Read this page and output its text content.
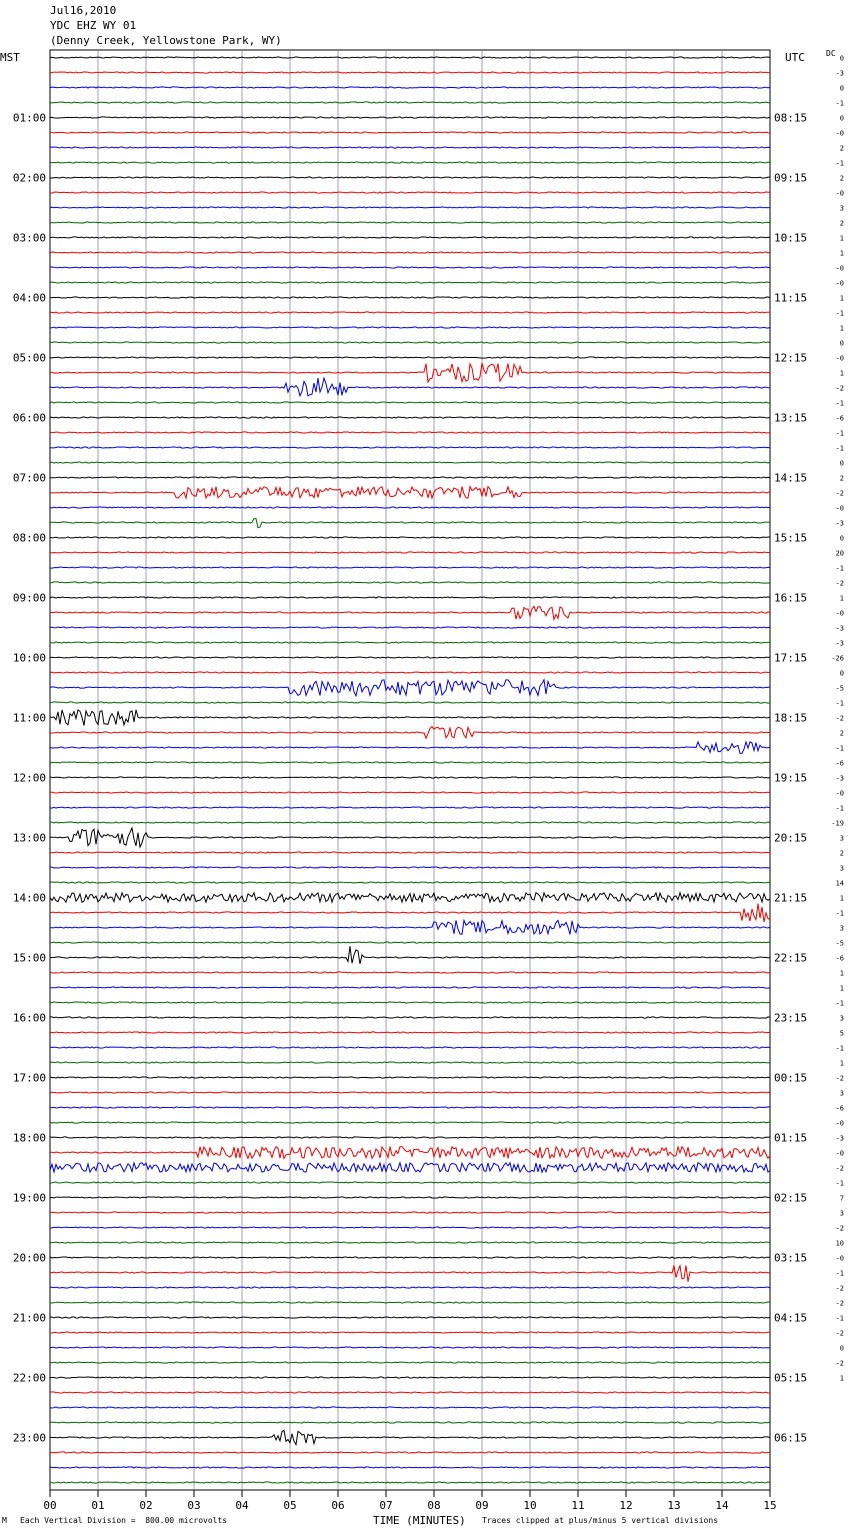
Jul16,2010
YDC EHZ WY 01
(Denny Creek, Yellowstone Park, WY)
MST	UTC	DC
01:00	08:15
02:00	09:15
03:00	10:15
04:00	11:15
05:00	12:15
06:00	13:15
07:00	14:15
08:00	15:15
09:00	16:15
10:00	17:15
11:00	18:15
12:00	19:15
13:00	20:15
14:00	21:15
15:00	22:15
16:00	23:15
17:00	00:15
18:00	01:15
19:00	02:15
20:00	03:15
21:00	04:15
22:00	05:15
23:00	06:15
0
-3
0
-1
0
-0
2
-1
2
-0
3
2
1
1
-0
-0
1
-1
1
0
-0
1
-2
-1
-6
-1
-1
0
2
-2
-0
-3
0
20
-1
-2
1
-0
-3
-3
-26
0
-5
-1
-2
2
-1
-6
-3
-0
-1
-19
3
2
3
14
1
-1
3
-5
-6
1
1
-1
3
5
-1
1
-2
3
-6
-0
-3
-0
-2
-1
7
3
-2
10
-0
-1
-2
-2
-1
-2
0
-2
1
00	01	02	03	04	05	06	07	08	09	10	11	12	13	14	15
M Each Vertical Division =  800.00 microvolts	TIME (MINUTES) Traces clipped at plus/minus 5 vertical divisions
